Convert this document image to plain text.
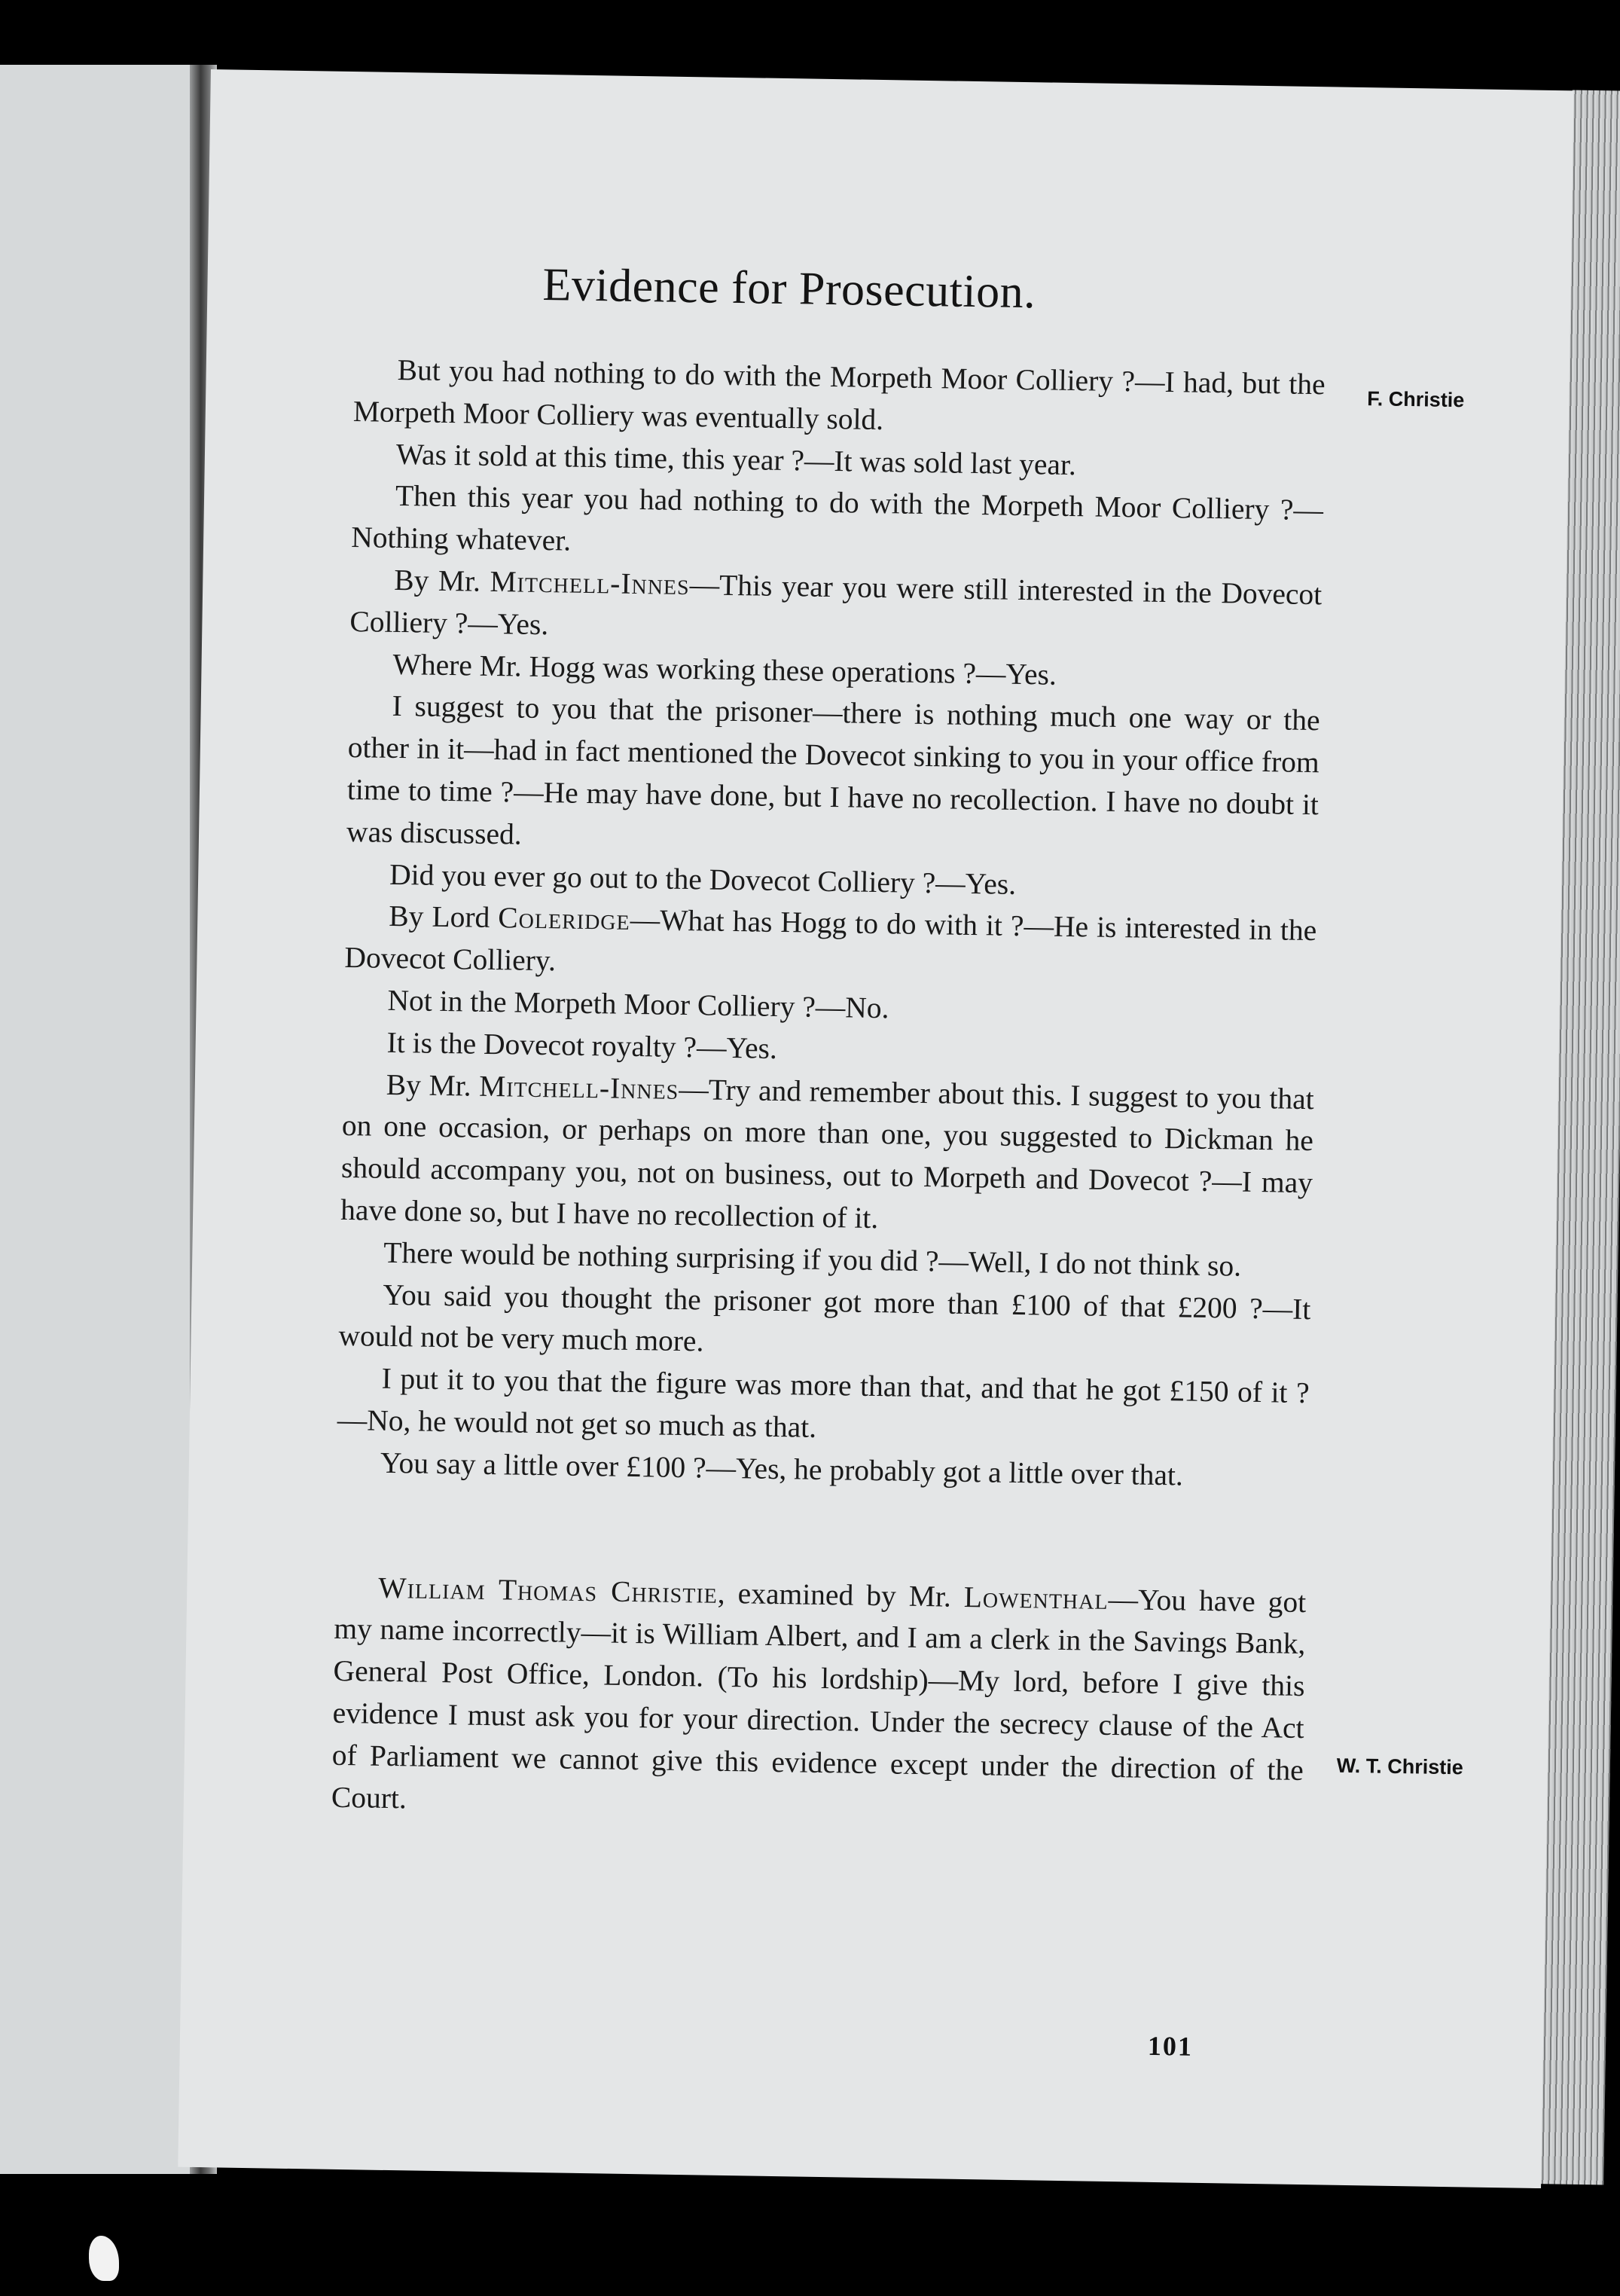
Evidence for Prosecution.
F. Christie
W. T. Christie

But you had nothing to do with the Morpeth Moor Colliery ?—I had, but the Morpeth Moor Colliery was eventually sold.

Was it sold at this time, this year ?—It was sold last year.

Then this year you had nothing to do with the Morpeth Moor Colliery ?—Nothing whatever.

By Mr. Mitchell-Innes—This year you were still interested in the Dovecot Colliery ?—Yes.

Where Mr. Hogg was working these operations ?—Yes.

I suggest to you that the prisoner—there is nothing much one way or the other in it—had in fact mentioned the Dovecot sinking to you in your office from time to time ?—He may have done, but I have no recollection. I have no doubt it was discussed.

Did you ever go out to the Dovecot Colliery ?—Yes.

By Lord Coleridge—What has Hogg to do with it ?—He is interested in the Dovecot Colliery.

Not in the Morpeth Moor Colliery ?—No.

It is the Dovecot royalty ?—Yes.

By Mr. Mitchell-Innes—Try and remember about this. I suggest to you that on one occasion, or perhaps on more than one, you suggested to Dickman he should accompany you, not on business, out to Morpeth and Dovecot ?—I may have done so, but I have no recollection of it.

There would be nothing surprising if you did ?—Well, I do not think so.

You said you thought the prisoner got more than £100 of that £200 ?—It would not be very much more.

I put it to you that the figure was more than that, and that he got £150 of it ?—No, he would not get so much as that.

You say a little over £100 ?—Yes, he probably got a little over that.

William Thomas Christie, examined by Mr. Lowenthal—You have got my name incorrectly—it is William Albert, and I am a clerk in the Savings Bank, General Post Office, London. (To his lordship)—My lord, before I give this evidence I must ask you for your direction. Under the secrecy clause of the Act of Parliament we cannot give this evidence except under the direction of the Court.

101
